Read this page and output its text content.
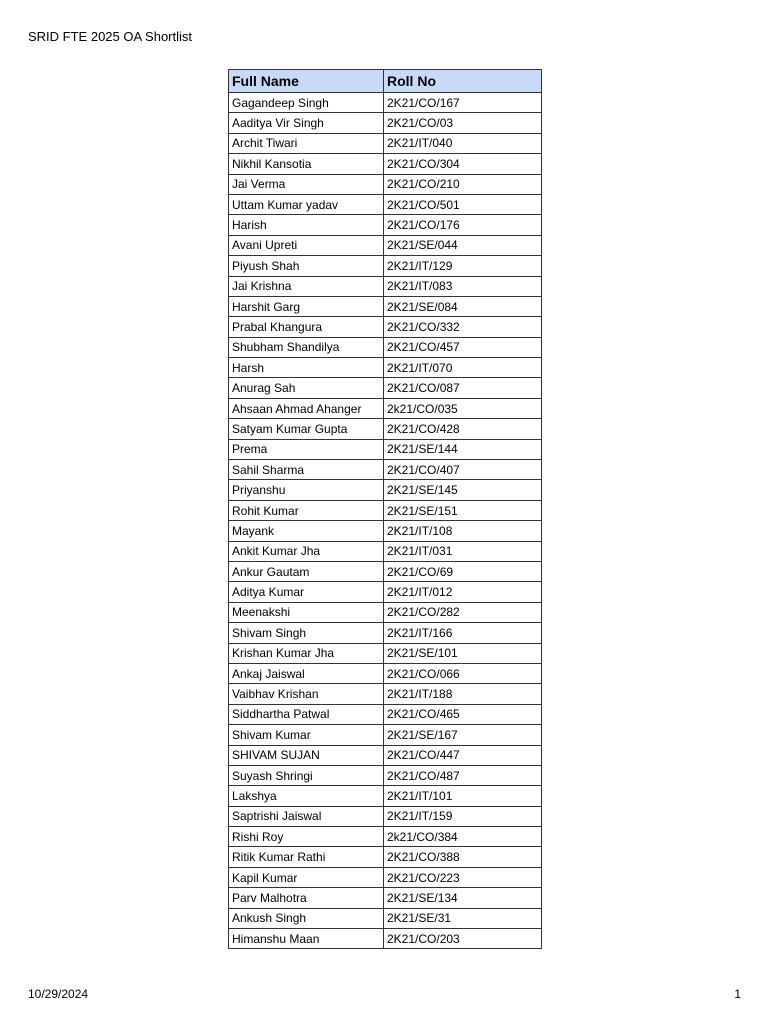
SRID FTE 2025 OA Shortlist
Full Name	Roll No
Gagandeep Singh	2K21/CO/167
Aaditya Vir Singh	2K21/CO/03
Archit Tiwari	2K21/IT/040
Nikhil Kansotia	2K21/CO/304
Jai Verma	2K21/CO/210
Uttam Kumar yadav	2K21/CO/501
Harish	2K21/CO/176
Avani Upreti	2K21/SE/044
Piyush Shah	2K21/IT/129
Jai Krishna	2K21/IT/083
Harshit Garg	2K21/SE/084
Prabal Khangura	2K21/CO/332
Shubham Shandilya	2K21/CO/457
Harsh	2K21/IT/070
Anurag Sah	2K21/CO/087
Ahsaan Ahmad Ahanger	2k21/CO/035
Satyam Kumar Gupta	2K21/CO/428
Prema	2K21/SE/144
Sahil Sharma	2K21/CO/407
Priyanshu	2K21/SE/145
Rohit Kumar	2K21/SE/151
Mayank	2K21/IT/108
Ankit Kumar Jha	2K21/IT/031
Ankur Gautam	2K21/CO/69
Aditya Kumar	2K21/IT/012
Meenakshi	2K21/CO/282
Shivam Singh	2K21/IT/166
Krishan Kumar Jha	2K21/SE/101
Ankaj Jaiswal	2K21/CO/066
Vaibhav Krishan	2K21/IT/188
Siddhartha Patwal	2K21/CO/465
Shivam Kumar	2K21/SE/167
SHIVAM SUJAN	2K21/CO/447
Suyash Shringi	2K21/CO/487
Lakshya	2K21/IT/101
Saptrishi Jaiswal	2K21/IT/159
Rishi Roy	2k21/CO/384
Ritik Kumar Rathi	2K21/CO/388
Kapil Kumar	2K21/CO/223
Parv Malhotra	2K21/SE/134
Ankush Singh	2K21/SE/31
Himanshu Maan	2K21/CO/203
10/29/2024	1
